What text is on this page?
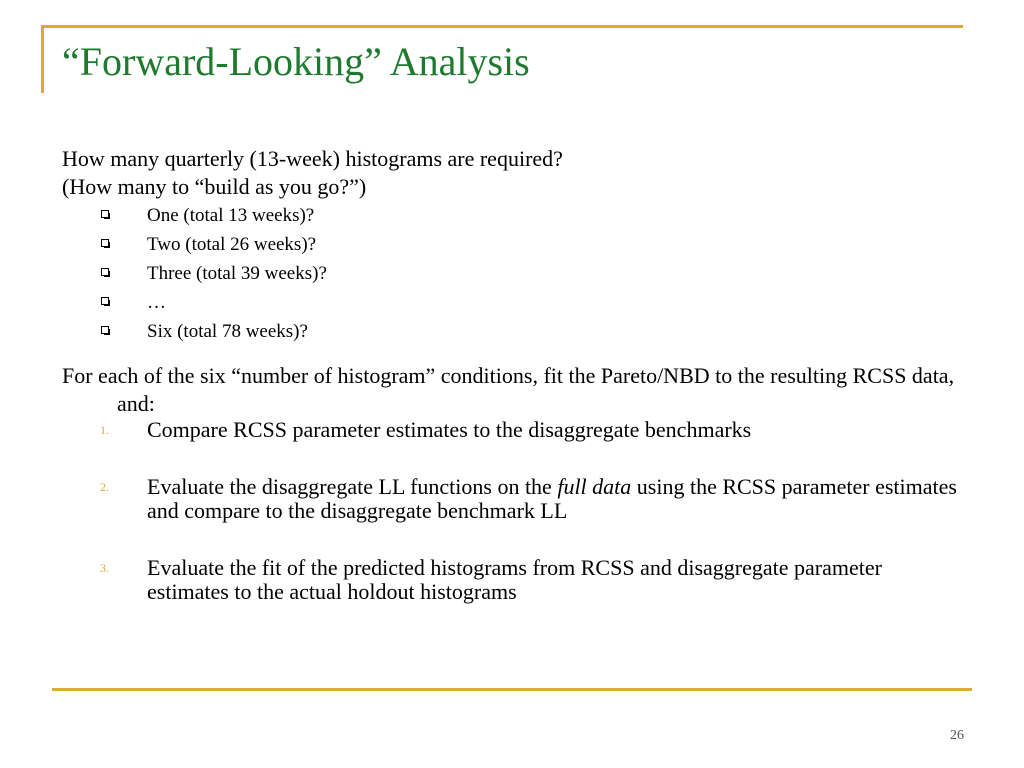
“Forward-Looking” Analysis

How many quarterly (13-week) histograms are required?

(How many to “build as you go?”)

One (total 13 weeks)?

Two (total 26 weeks)?

Three (total 39 weeks)?

…

Six (total 78 weeks)?

For each of the six “number of histogram” conditions, fit the Pareto/NBD to the resulting RCSS data, and:

1. Compare RCSS parameter estimates to the disaggregate benchmarks

2. Evaluate the disaggregate LL functions on the full data using the RCSS parameter estimates and compare to the disaggregate benchmark LL

3. Evaluate the fit of the predicted histograms from RCSS and disaggregate parameter estimates to the actual holdout histograms

26
